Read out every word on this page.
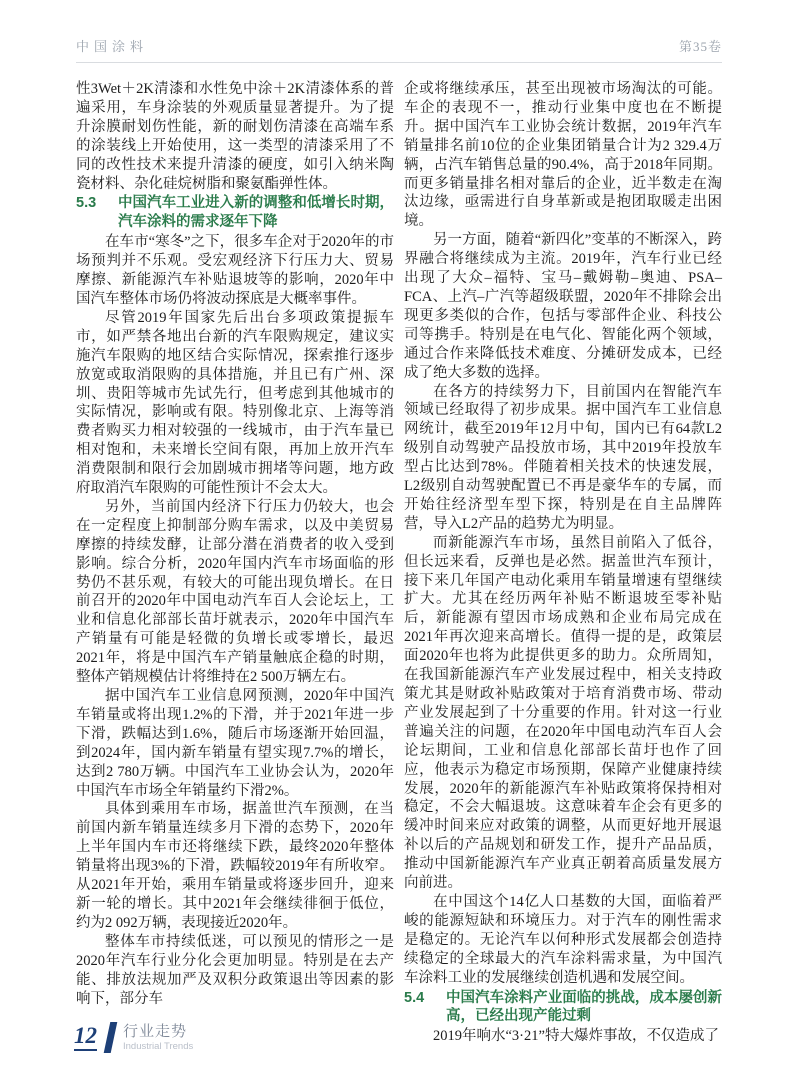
中国涂料	第35卷

性3Wet＋2K清漆和水性免中涂＋2K清漆体系的普遍采用，车身涂装的外观质量显著提升。为了提升涂膜耐划伤性能，新的耐划伤清漆在高端车系的涂装线上开始使用，这一类型的清漆采用了不同的改性技术来提升清漆的硬度，如引入纳米陶瓷材料、杂化硅烷树脂和聚氨酯弹性体。

5.3	中国汽车工业进入新的调整和低增长时期，汽车涂料的需求逐年下降

在车市“寒冬”之下，很多车企对于2020年的市场预判并不乐观。受宏观经济下行压力大、贸易摩擦、新能源汽车补贴退坡等的影响，2020年中国汽车整体市场仍将波动探底是大概率事件。

尽管2019年国家先后出台多项政策提振车市，如严禁各地出台新的汽车限购规定，建议实施汽车限购的地区结合实际情况，探索推行逐步放宽或取消限购的具体措施，并且已有广州、深圳、贵阳等城市先试先行，但考虑到其他城市的实际情况，影响或有限。特别像北京、上海等消费者购买力相对较强的一线城市，由于汽车量已相对饱和，未来增长空间有限，再加上放开汽车消费限制和限行会加剧城市拥堵等问题，地方政府取消汽车限购的可能性预计不会太大。

另外，当前国内经济下行压力仍较大，也会在一定程度上抑制部分购车需求，以及中美贸易摩擦的持续发酵，让部分潜在消费者的收入受到影响。综合分析，2020年国内汽车市场面临的形势仍不甚乐观，有较大的可能出现负增长。在日前召开的2020年中国电动汽车百人会论坛上，工业和信息化部部长苗圩就表示，2020年中国汽车产销量有可能是轻微的负增长或零增长，最迟2021年，将是中国汽车产销量触底企稳的时期，整体产销规模估计将维持在2 500万辆左右。

据中国汽车工业信息网预测，2020年中国汽车销量或将出现1.2%的下滑，并于2021年进一步下滑，跌幅达到1.6%，随后市场逐渐开始回温，到2024年，国内新车销量有望实现7.7%的增长，达到2 780万辆。中国汽车工业协会认为，2020年中国汽车市场全年销量约下滑2%。

具体到乘用车市场，据盖世汽车预测，在当前国内新车销量连续多月下滑的态势下，2020年上半年国内车市还将继续下跌，最终2020年整体销量将出现3%的下滑，跌幅较2019年有所收窄。从2021年开始，乘用车销量或将逐步回升，迎来新一轮的增长。其中2021年会继续徘徊于低位，约为2 092万辆，表现接近2020年。

整体车市持续低迷，可以预见的情形之一是2020年汽车行业分化会更加明显。特别是在去产能、排放法规加严及双积分政策退出等因素的影响下，部分车

企或将继续承压，甚至出现被市场淘汰的可能。车企的表现不一，推动行业集中度也在不断提升。据中国汽车工业协会统计数据，2019年汽车销量排名前10位的企业集团销量合计为2 329.4万辆，占汽车销售总量的90.4%，高于2018年同期。而更多销量排名相对靠后的企业，近半数走在淘汰边缘，亟需进行自身革新或是抱团取暖走出困境。

另一方面，随着“新四化”变革的不断深入，跨界融合将继续成为主流。2019年，汽车行业已经出现了大众–福特、宝马–戴姆勒–奥迪、PSA–FCA、上汽–广汽等超级联盟，2020年不排除会出现更多类似的合作，包括与零部件企业、科技公司等携手。特别是在电气化、智能化两个领域，通过合作来降低技术难度、分摊研发成本，已经成了绝大多数的选择。

在各方的持续努力下，目前国内在智能汽车领域已经取得了初步成果。据中国汽车工业信息网统计，截至2019年12月中旬，国内已有64款L2级别自动驾驶产品投放市场，其中2019年投放车型占比达到78%。伴随着相关技术的快速发展，L2级别自动驾驶配置已不再是豪华车的专属，而开始往经济型车型下探，特别是在自主品牌阵营，导入L2产品的趋势尤为明显。

而新能源汽车市场，虽然目前陷入了低谷，但长远来看，反弹也是必然。据盖世汽车预计，接下来几年国产电动化乘用车销量增速有望继续扩大。尤其在经历两年补贴不断退坡至零补贴后，新能源有望因市场成熟和企业布局完成在2021年再次迎来高增长。值得一提的是，政策层面2020年也将为此提供更多的助力。众所周知，在我国新能源汽车产业发展过程中，相关支持政策尤其是财政补贴政策对于培育消费市场、带动产业发展起到了十分重要的作用。针对这一行业普遍关注的问题，在2020年中国电动汽车百人会论坛期间，工业和信息化部部长苗圩也作了回应，他表示为稳定市场预期，保障产业健康持续发展，2020年的新能源汽车补贴政策将保持相对稳定，不会大幅退坡。这意味着车企会有更多的缓冲时间来应对政策的调整，从而更好地开展退补以后的产品规划和研发工作，提升产品品质，推动中国新能源汽车产业真正朝着高质量发展方向前进。

在中国这个14亿人口基数的大国，面临着严峻的能源短缺和环境压力。对于汽车的刚性需求是稳定的。无论汽车以何种形式发展都会创造持续稳定的全球最大的汽车涂料需求量，为中国汽车涂料工业的发展继续创造机遇和发展空间。

5.4	中国汽车涂料产业面临的挑战，成本屡创新高，已经出现产能过剩

2019年响水“3·21”特大爆炸事故，不仅造成了

12 行业走势
Industrial Trends
